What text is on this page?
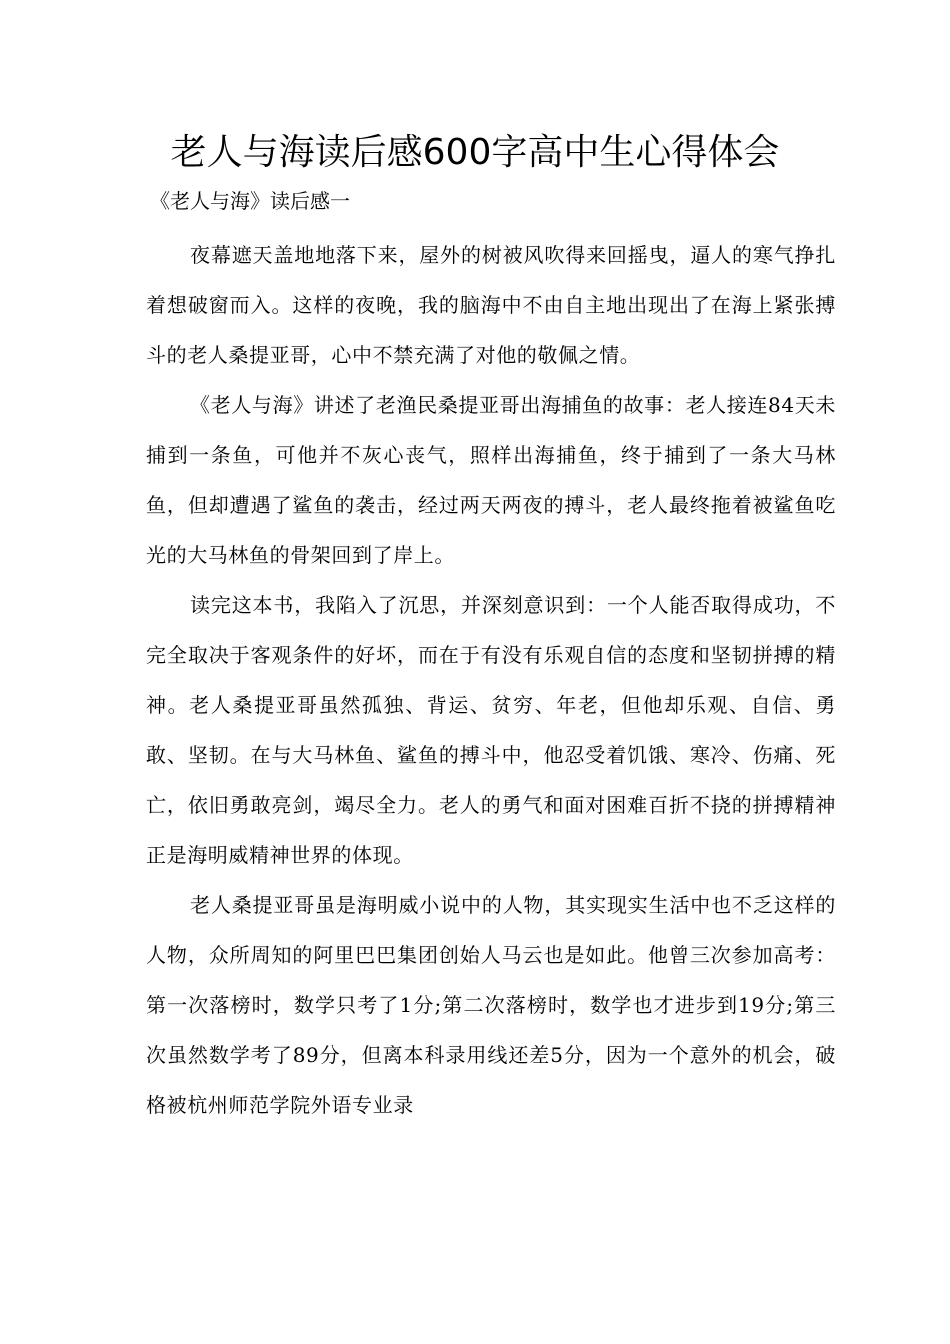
老人与海读后感600字高中生心得体会

《老人与海》读后感一

夜幕遮天盖地地落下来，屋外的树被风吹得来回摇曳，逼人的寒气挣扎着想破窗而入。这样的夜晚，我的脑海中不由自主地出现出了在海上紧张搏斗的老人桑提亚哥，心中不禁充满了对他的敬佩之情。

《老人与海》讲述了老渔民桑提亚哥出海捕鱼的故事：老人接连84天未捕到一条鱼，可他并不灰心丧气，照样出海捕鱼，终于捕到了一条大马林鱼，但却遭遇了鲨鱼的袭击，经过两天两夜的搏斗，老人最终拖着被鲨鱼吃光的大马林鱼的骨架回到了岸上。

读完这本书，我陷入了沉思，并深刻意识到：一个人能否取得成功，不完全取决于客观条件的好坏，而在于有没有乐观自信的态度和坚韧拼搏的精神。老人桑提亚哥虽然孤独、背运、贫穷、年老，但他却乐观、自信、勇敢、坚韧。在与大马林鱼、鲨鱼的搏斗中，他忍受着饥饿、寒冷、伤痛、死亡，依旧勇敢亮剑，竭尽全力。老人的勇气和面对困难百折不挠的拼搏精神正是海明威精神世界的体现。

老人桑提亚哥虽是海明威小说中的人物，其实现实生活中也不乏这样的人物，众所周知的阿里巴巴集团创始人马云也是如此。他曾三次参加高考：第一次落榜时，数学只考了1分;第二次落榜时，数学也才进步到19分;第三次虽然数学考了89分，但离本科录用线还差5分，因为一个意外的机会，破格被杭州师范学院外语专业录
